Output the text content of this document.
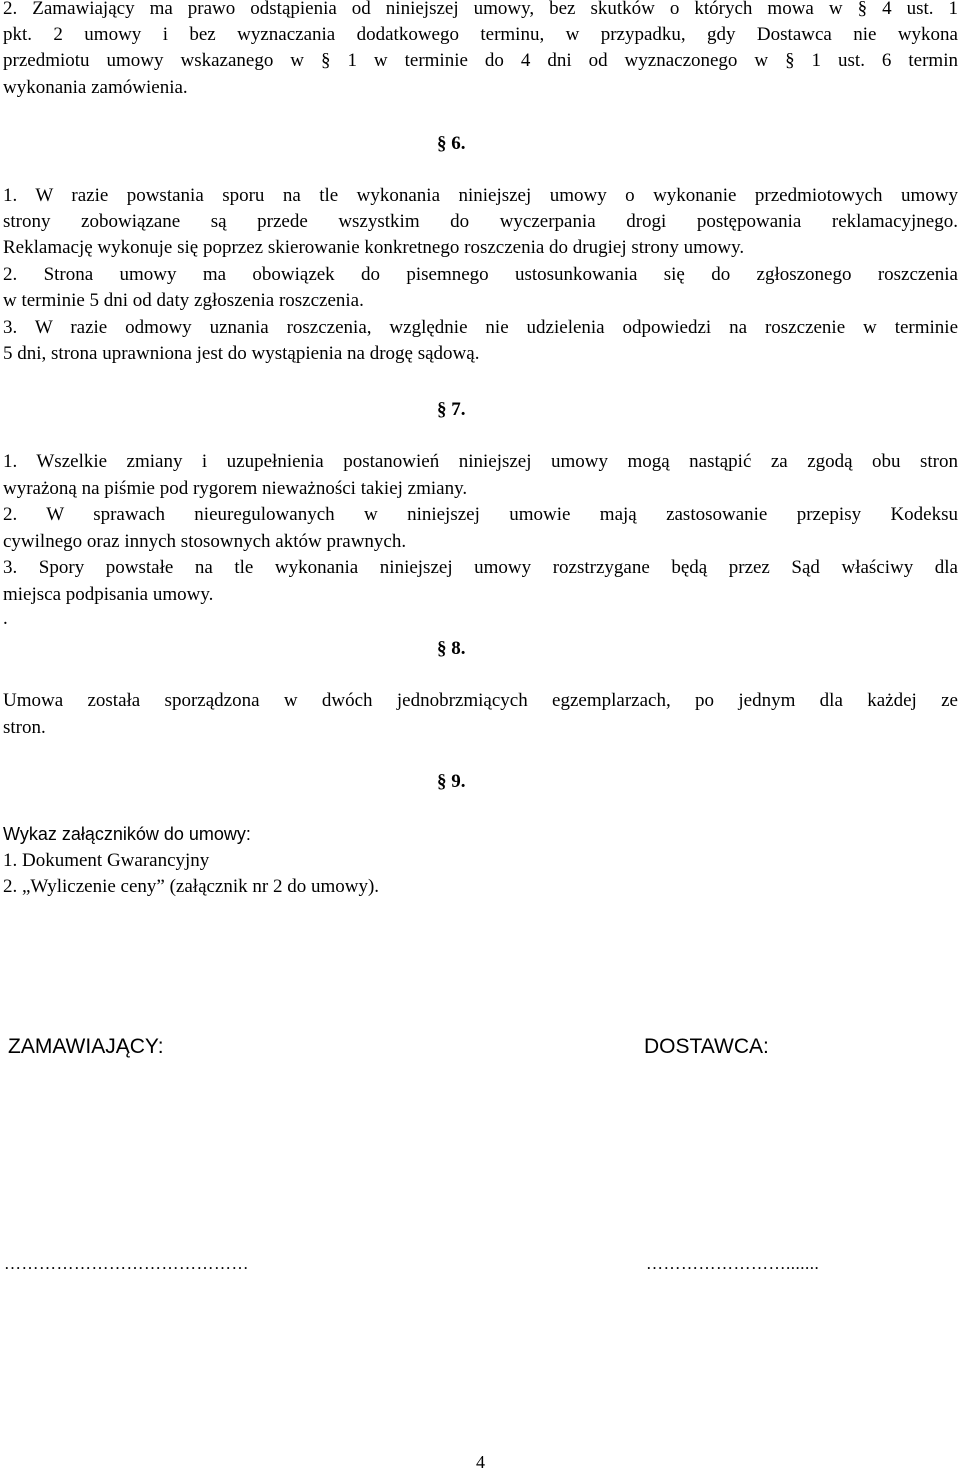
2. Zamawiający ma prawo odstąpienia od niniejszej umowy, bez skutków o których mowa w § 4 ust. 1
pkt. 2 umowy i bez wyznaczania dodatkowego terminu, w przypadku, gdy Dostawca nie wykona
przedmiotu umowy wskazanego w § 1 w terminie do 4 dni od wyznaczonego w § 1 ust. 6 termin
wykonania zamówienia.
§ 6.
1. W razie powstania sporu na tle wykonania niniejszej umowy o wykonanie przedmiotowych umowy
strony zobowiązane są przede wszystkim do wyczerpania drogi postępowania reklamacyjnego.
Reklamację wykonuje się poprzez skierowanie konkretnego roszczenia do drugiej strony umowy.
2. Strona umowy ma obowiązek do pisemnego ustosunkowania się do zgłoszonego roszczenia
w terminie 5 dni od daty zgłoszenia roszczenia.
3. W razie odmowy uznania roszczenia, względnie nie udzielenia odpowiedzi na roszczenie w terminie
5 dni, strona uprawniona jest do wystąpienia na drogę sądową.
§ 7.
1. Wszelkie zmiany i uzupełnienia postanowień niniejszej umowy mogą nastąpić za zgodą obu stron
wyrażoną na piśmie pod rygorem nieważności takiej zmiany.
2. W sprawach nieuregulowanych w niniejszej umowie mają zastosowanie przepisy Kodeksu
cywilnego oraz innych stosownych aktów prawnych.
3. Spory powstałe na tle wykonania niniejszej umowy rozstrzygane będą przez Sąd właściwy dla
miejsca podpisania umowy.
.
§ 8.
Umowa została sporządzona w dwóch jednobrzmiących egzemplarzach, po jednym dla każdej ze
stron.
§ 9.
Wykaz załączników do umowy:
1. Dokument Gwarancyjny
2. „Wyliczenie ceny” (załącznik nr 2 do umowy).
ZAMAWIAJĄCY:	DOSTAWCA:
……………………………………	…………………….......
4
